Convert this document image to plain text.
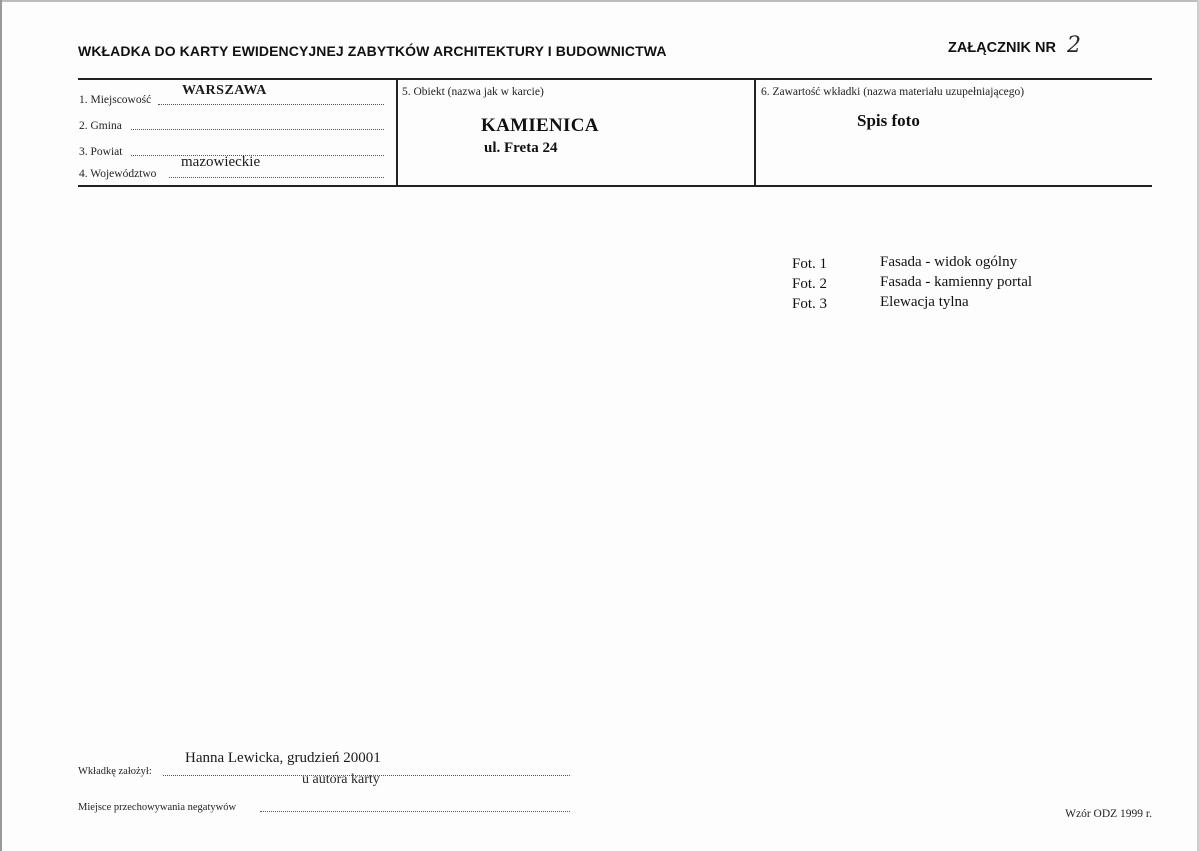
WKŁADKA DO KARTY EWIDENCYJNEJ ZABYTKÓW ARCHITEKTURY I BUDOWNICTWA	ZAŁĄCZNIK NR 2
1. Miejscowość
WARSZAWA
2. Gmina
3. Powiat
4. Województwo
mazowieckie
5. Obiekt (nazwa jak w karcie)
KAMIENICA
ul. Freta 24
6. Zawartość wkładki (nazwa materiału uzupełniającego)
Spis foto
Fot. 1	Fasada - widok ogólny
Fot. 2	Fasada - kamienny portal
Fot. 3	Elewacja tylna
Wkładkę założył:
Hanna Lewicka, grudzień 20001
u autora karty
Miejsce przechowywania negatywów
Wzór ODZ 1999 r.
